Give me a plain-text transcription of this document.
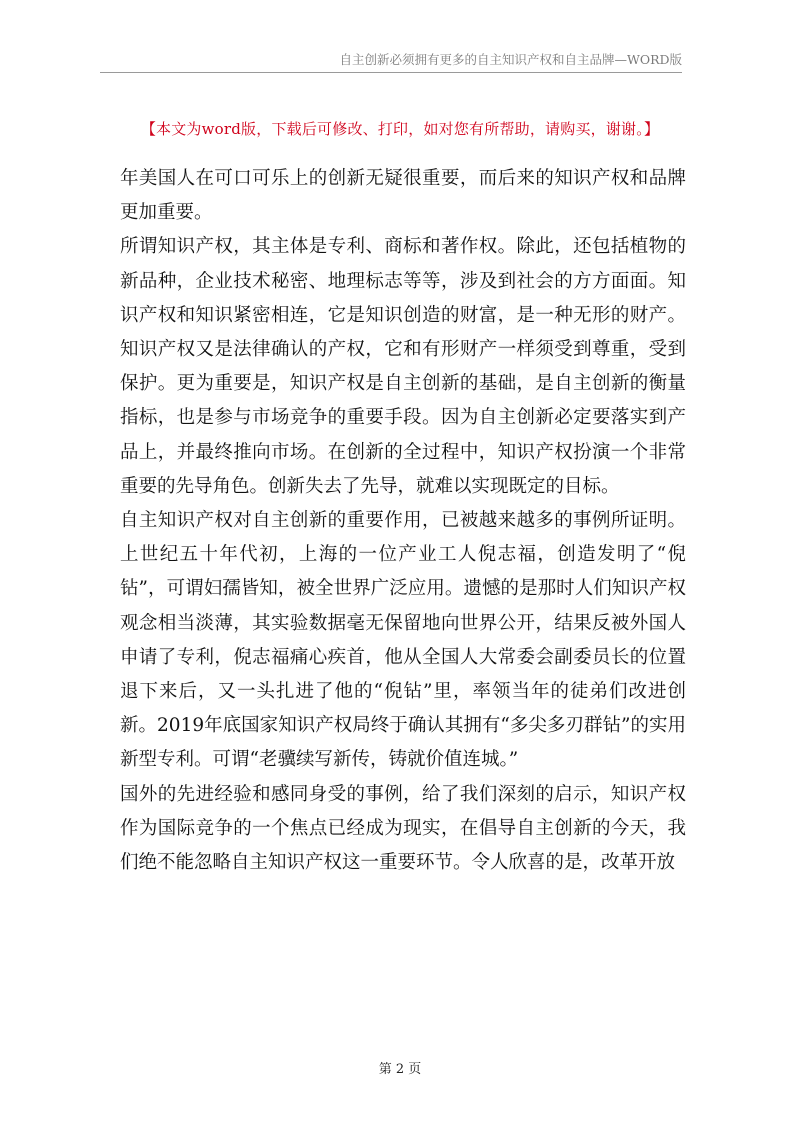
自主创新必须拥有更多的自主知识产权和自主品牌—WORD版
【本文为word版，下载后可修改、打印，如对您有所帮助，请购买，谢谢。】

年美国人在可口可乐上的创新无疑很重要，而后来的知识产权和品牌更加重要。

所谓知识产权，其主体是专利、商标和著作权。除此，还包括植物的新品种，企业技术秘密、地理标志等等，涉及到社会的方方面面。知识产权和知识紧密相连，它是知识创造的财富，是一种无形的财产。知识产权又是法律确认的产权，它和有形财产一样须受到尊重，受到保护。更为重要是，知识产权是自主创新的基础，是自主创新的衡量指标，也是参与市场竞争的重要手段。因为自主创新必定要落实到产品上，并最终推向市场。在创新的全过程中，知识产权扮演一个非常重要的先导角色。创新失去了先导，就难以实现既定的目标。

自主知识产权对自主创新的重要作用，已被越来越多的事例所证明。上世纪五十年代初，上海的一位产业工人倪志福，创造发明了“倪钻”，可谓妇孺皆知，被全世界广泛应用。遗憾的是那时人们知识产权观念相当淡薄，其实验数据毫无保留地向世界公开，结果反被外国人申请了专利，倪志福痛心疾首，他从全国人大常委会副委员长的位置退下来后，又一头扎进了他的“倪钻”里，率领当年的徒弟们改进创新。2019年底国家知识产权局终于确认其拥有“多尖多刃群钻”的实用新型专利。可谓“老骥续写新传，铸就价值连城。”

国外的先进经验和感同身受的事例，给了我们深刻的启示，知识产权作为国际竞争的一个焦点已经成为现实，在倡导自主创新的今天，我们绝不能忽略自主知识产权这一重要环节。令人欣喜的是，改革开放

第 2 页
